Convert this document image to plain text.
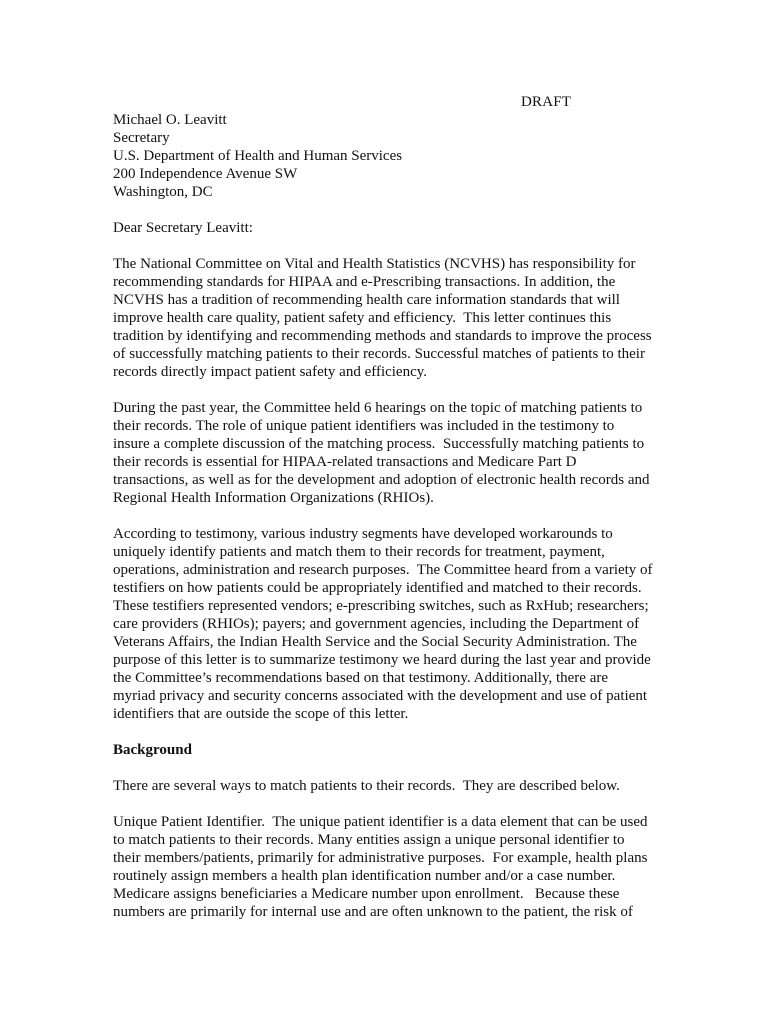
DRAFT
Michael O. Leavitt
Secretary
U.S. Department of Health and Human Services
200 Independence Avenue SW
Washington, DC
Dear Secretary Leavitt:
The National Committee on Vital and Health Statistics (NCVHS) has responsibility for
recommending standards for HIPAA and e-Prescribing transactions. In addition, the
NCVHS has a tradition of recommending health care information standards that will
improve health care quality, patient safety and efficiency.  This letter continues this
tradition by identifying and recommending methods and standards to improve the process
of successfully matching patients to their records. Successful matches of patients to their
records directly impact patient safety and efficiency.
During the past year, the Committee held 6 hearings on the topic of matching patients to
their records. The role of unique patient identifiers was included in the testimony to
insure a complete discussion of the matching process.  Successfully matching patients to
their records is essential for HIPAA-related transactions and Medicare Part D
transactions, as well as for the development and adoption of electronic health records and
Regional Health Information Organizations (RHIOs).
According to testimony, various industry segments have developed workarounds to
uniquely identify patients and match them to their records for treatment, payment,
operations, administration and research purposes.  The Committee heard from a variety of
testifiers on how patients could be appropriately identified and matched to their records.
These testifiers represented vendors; e-prescribing switches, such as RxHub; researchers;
care providers (RHIOs); payers; and government agencies, including the Department of
Veterans Affairs, the Indian Health Service and the Social Security Administration. The
purpose of this letter is to summarize testimony we heard during the last year and provide
the Committee’s recommendations based on that testimony. Additionally, there are
myriad privacy and security concerns associated with the development and use of patient
identifiers that are outside the scope of this letter.
Background
There are several ways to match patients to their records.  They are described below.
Unique Patient Identifier.  The unique patient identifier is a data element that can be used
to match patients to their records. Many entities assign a unique personal identifier to
their members/patients, primarily for administrative purposes.  For example, health plans
routinely assign members a health plan identification number and/or a case number.
Medicare assigns beneficiaries a Medicare number upon enrollment.   Because these
numbers are primarily for internal use and are often unknown to the patient, the risk of
